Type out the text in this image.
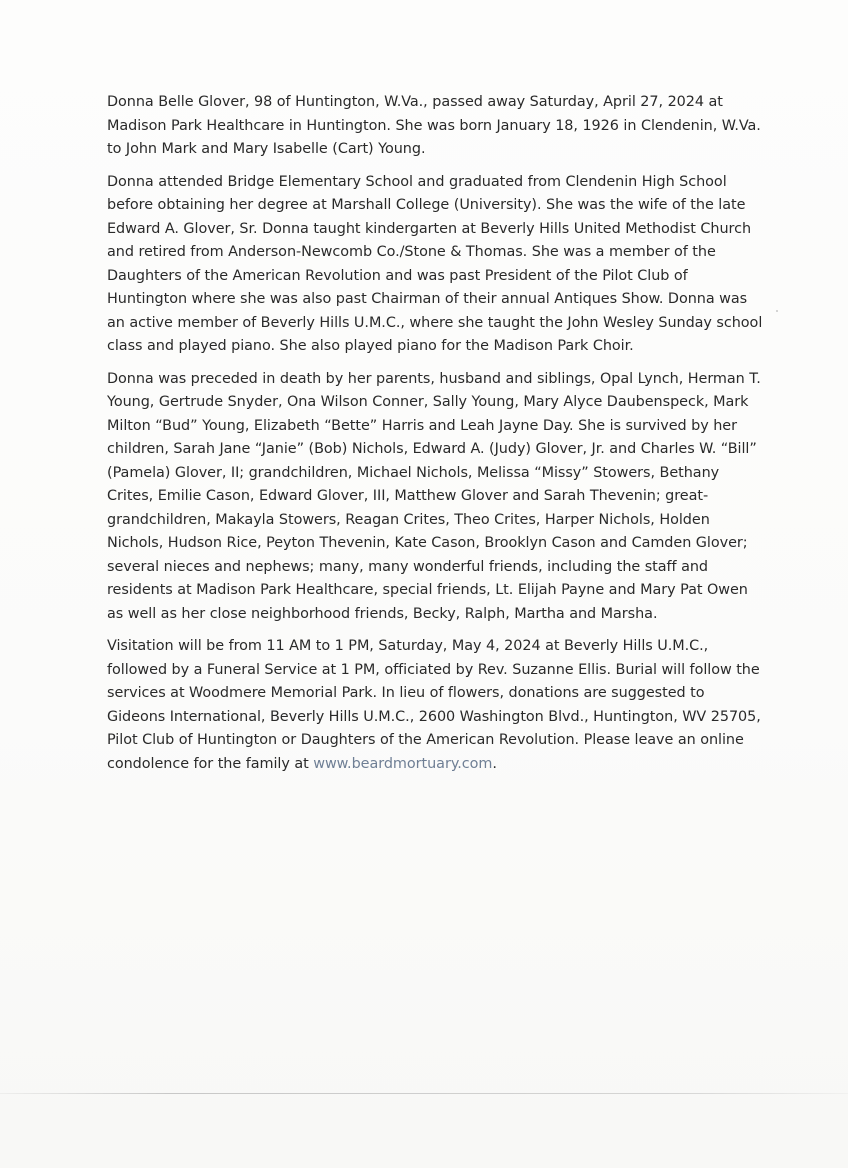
Donna Belle Glover, 98 of Huntington, W.Va., passed away Saturday, April 27, 2024 at Madison Park Healthcare in Huntington. She was born January 18, 1926 in Clendenin, W.Va. to John Mark and Mary Isabelle (Cart) Young.

Donna attended Bridge Elementary School and graduated from Clendenin High School before obtaining her degree at Marshall College (University). She was the wife of the late Edward A. Glover, Sr. Donna taught kindergarten at Beverly Hills United Methodist Church and retired from Anderson-Newcomb Co./Stone & Thomas. She was a member of the Daughters of the American Revolution and was past President of the Pilot Club of Huntington where she was also past Chairman of their annual Antiques Show. Donna was an active member of Beverly Hills U.M.C., where she taught the John Wesley Sunday school class and played piano. She also played piano for the Madison Park Choir.

Donna was preceded in death by her parents, husband and siblings, Opal Lynch, Herman T. Young, Gertrude Snyder, Ona Wilson Conner, Sally Young, Mary Alyce Daubenspeck, Mark Milton “Bud” Young, Elizabeth “Bette” Harris and Leah Jayne Day. She is survived by her children, Sarah Jane “Janie” (Bob) Nichols, Edward A. (Judy) Glover, Jr. and Charles W. “Bill” (Pamela) Glover, II; grandchildren, Michael Nichols, Melissa “Missy” Stowers, Bethany Crites, Emilie Cason, Edward Glover, III, Matthew Glover and Sarah Thevenin; great-grandchildren, Makayla Stowers, Reagan Crites, Theo Crites, Harper Nichols, Holden Nichols, Hudson Rice, Peyton Thevenin, Kate Cason, Brooklyn Cason and Camden Glover; several nieces and nephews; many, many wonderful friends, including the staff and residents at Madison Park Healthcare, special friends, Lt. Elijah Payne and Mary Pat Owen as well as her close neighborhood friends, Becky, Ralph, Martha and Marsha.

Visitation will be from 11 AM to 1 PM, Saturday, May 4, 2024 at Beverly Hills U.M.C., followed by a Funeral Service at 1 PM, officiated by Rev. Suzanne Ellis. Burial will follow the services at Woodmere Memorial Park. In lieu of flowers, donations are suggested to Gideons International, Beverly Hills U.M.C., 2600 Washington Blvd., Huntington, WV 25705, Pilot Club of Huntington or Daughters of the American Revolution. Please leave an online condolence for the family at www.beardmortuary.com.
